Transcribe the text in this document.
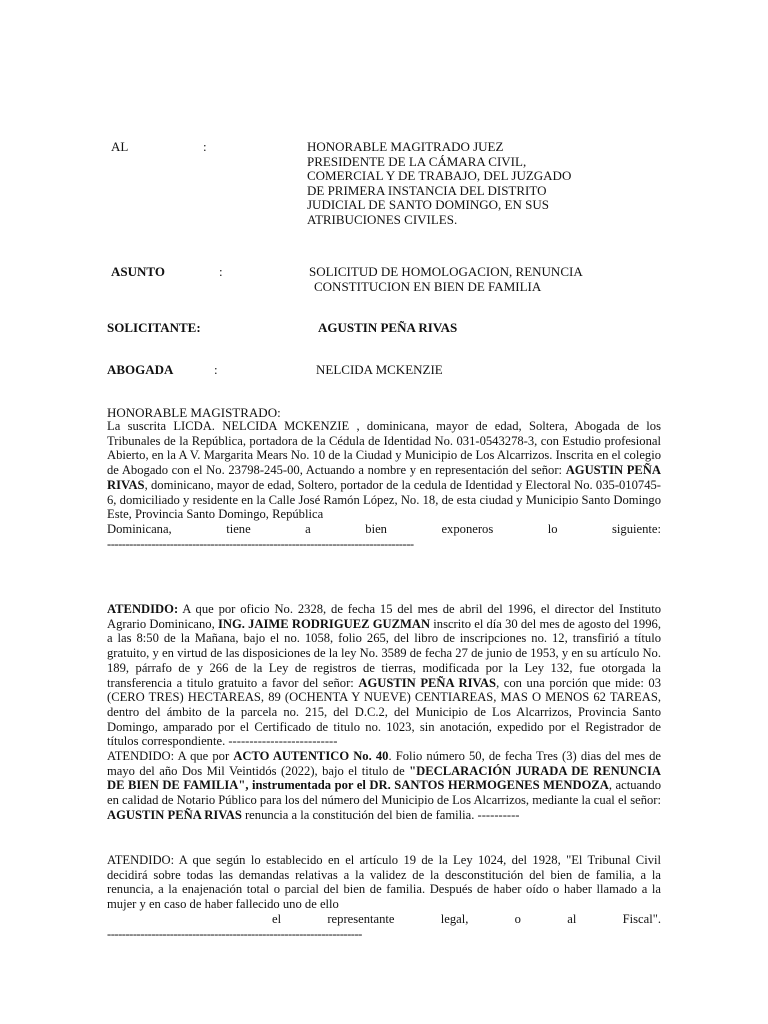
AL	:	HONORABLE MAGITRADO JUEZ
PRESIDENTE DE LA CÁMARA CIVIL,
COMERCIAL Y DE TRABAJO, DEL JUZGADO
DE PRIMERA INSTANCIA DEL DISTRITO
JUDICIAL DE SANTO DOMINGO, EN SUS
ATRIBUCIONES CIVILES.
ASUNTO	:	SOLICITUD DE HOMOLOGACION, RENUNCIA
CONSTITUCION EN BIEN DE FAMILIA
SOLICITANTE:	AGUSTIN PEÑA RIVAS
ABOGADA	:	NELCIDA MCKENZIE
HONORABLE MAGISTRADO:

La suscrita LICDA. NELCIDA MCKENZIE , dominicana, mayor de edad, Soltera, Abogada de los Tribunales de la República, portadora de la Cédula de Identidad No. 031-0543278-3, con Estudio profesional Abierto, en la A V. Margarita Mears No. 10 de la Ciudad y Municipio de Los Alcarrizos. Inscrita en el colegio de Abogado con el No. 23798-245-00, Actuando a nombre y en representación del señor: AGUSTIN PEÑA RIVAS, dominicano, mayor de edad, Soltero, portador de la cedula de Identidad y Electoral No. 035-010745-6, domiciliado y residente en la Calle José Ramón López, No. 18, de esta ciudad y Municipio Santo Domingo Este, Provincia Santo Domingo, República

Dominicana, tiene a bien exponeros lo siguiente:

-----------------------------------------------------------------------------------

ATENDIDO: A que por oficio No. 2328, de fecha 15 del mes de abril del 1996, el director del Instituto Agrario Dominicano, ING. JAIME RODRIGUEZ GUZMAN inscrito el día 30 del mes de agosto del 1996, a las 8:50 de la Mañana, bajo el no. 1058, folio 265, del libro de inscripciones no. 12, transfirió a título gratuito, y en virtud de las disposiciones de la ley No. 3589 de fecha 27 de junio de 1953, y en su artículo No. 189, párrafo de y 266 de la Ley de registros de tierras, modificada por la Ley 132, fue otorgada la transferencia a titulo gratuito a favor del señor: AGUSTIN PEÑA RIVAS, con una porción que mide: 03 (CERO TRES) HECTAREAS, 89 (OCHENTA Y NUEVE) CENTIAREAS, MAS O MENOS 62 TAREAS, dentro del ámbito de la parcela no. 215, del D.C.2, del Municipio de Los Alcarrizos, Provincia Santo Domingo, amparado por el Certificado de titulo no. 1023, sin anotación, expedido por el Registrador de títulos correspondiente. --------------------------

ATENDIDO: A que por ACTO AUTENTICO No. 40. Folio número 50, de fecha Tres (3) dias del mes de mayo del año Dos Mil Veintidós (2022), bajo el titulo de "DECLARACIÓN JURADA DE RENUNCIA DE BIEN DE FAMILIA", instrumentada por el DR. SANTOS HERMOGENES MENDOZA, actuando en calidad de Notario Público para los del número del Municipio de Los Alcarrizos, mediante la cual el señor: AGUSTIN PEÑA RIVAS renuncia a la constitución del bien de familia. ----------

ATENDIDO: A que según lo establecido en el artículo 19 de la Ley 1024, del 1928, "El Tribunal Civil decidirá sobre todas las demandas relativas a la validez de la desconstitución del bien de familia, a la renuncia, a la enajenación total o parcial del bien de familia. Después de haber oído o haber llamado a la mujer y en caso de haber fallecido uno de ello

el representante legal, o al Fiscal".

---------------------------------------------------------------------
